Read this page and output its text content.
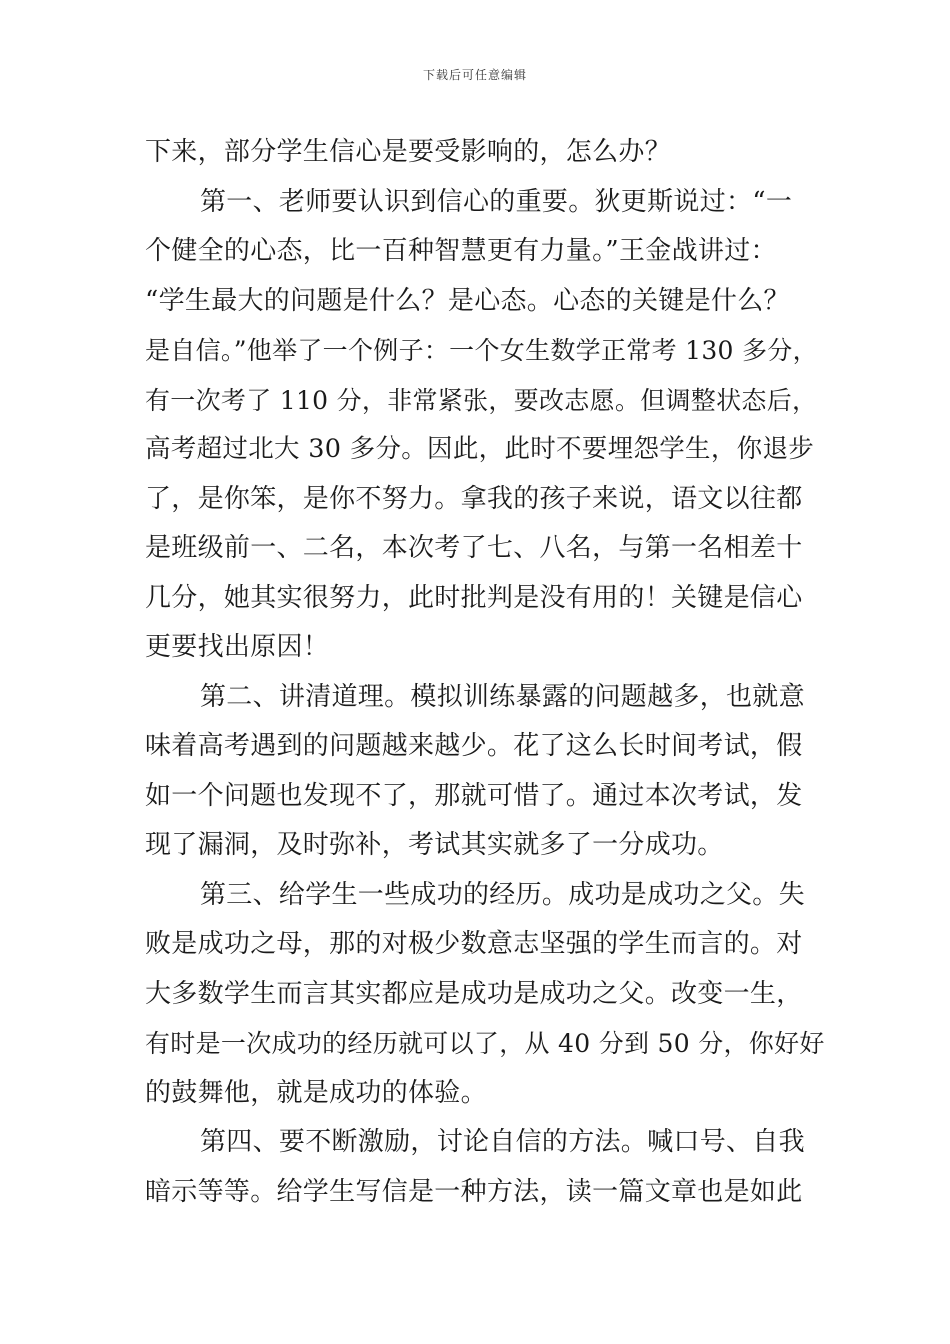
下载后可任意编辑
下来，部分学生信心是要受影响的，怎么办？
第一、老师要认识到信心的重要。狄更斯说过：“一
个健全的心态，比一百种智慧更有力量。”王金战讲过：
“学生最大的问题是什么？是心态。心态的关键是什么？
是自信。”他举了一个例子：一个女生数学正常考 130 多分，
有一次考了 110 分，非常紧张，要改志愿。但调整状态后，
高考超过北大 30 多分。因此，此时不要埋怨学生，你退步
了，是你笨，是你不努力。拿我的孩子来说，语文以往都
是班级前一、二名，本次考了七、八名，与第一名相差十
几分，她其实很努力，此时批判是没有用的！关键是信心
更要找出原因！
第二、讲清道理。模拟训练暴露的问题越多，也就意
味着高考遇到的问题越来越少。花了这么长时间考试，假
如一个问题也发现不了，那就可惜了。通过本次考试，发
现了漏洞，及时弥补，考试其实就多了一分成功。
第三、给学生一些成功的经历。成功是成功之父。失
败是成功之母，那的对极少数意志坚强的学生而言的。对
大多数学生而言其实都应是成功是成功之父。改变一生，
有时是一次成功的经历就可以了，从 40 分到 50 分，你好好
的鼓舞他，就是成功的体验。
第四、要不断激励，讨论自信的方法。喊口号、自我
暗示等等。给学生写信是一种方法，读一篇文章也是如此
